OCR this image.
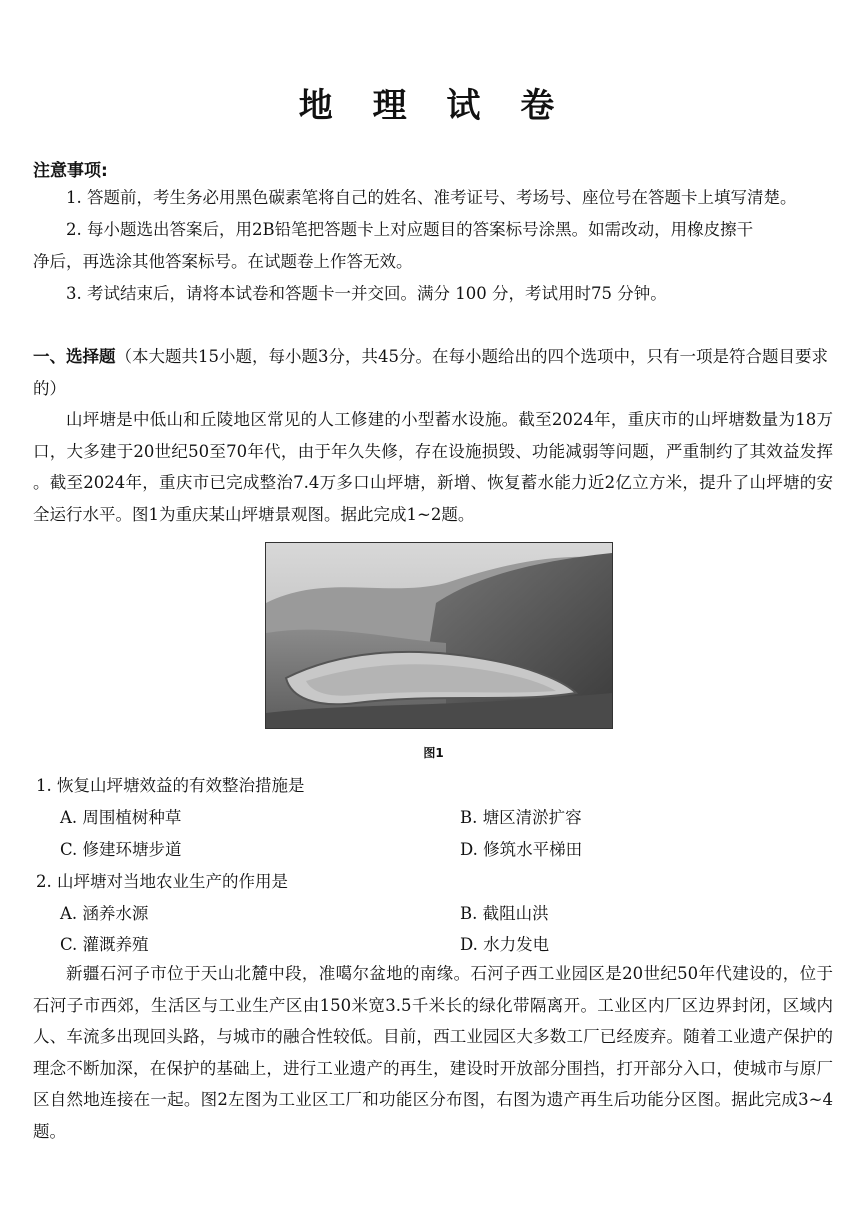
地 理 试 卷
注意事项:
1. 答题前，考生务必用黑色碳素笔将自己的姓名、准考证号、考场号、座位号在答题卡上填写清楚。
2. 每小题选出答案后，用2B铅笔把答题卡上对应题目的答案标号涂黑。如需改动，用橡皮擦干
净后，再选涂其他答案标号。在试题卷上作答无效。
3. 考试结束后，请将本试卷和答题卡一并交回。满分 100 分，考试用时75 分钟。
一、选择题（本大题共15小题，每小题3分，共45分。在每小题给出的四个选项中，只有一项是符合题目要求的）
山坪塘是中低山和丘陵地区常见的人工修建的小型蓄水设施。截至2024年，重庆市的山坪塘数量为18万口，大多建于20世纪50至70年代，由于年久失修，存在设施损毁、功能减弱等问题，严重制约了其效益发挥 。截至2024年，重庆市已完成整治7.4万多口山坪塘，新增、恢复蓄水能力近2亿立方米，提升了山坪塘的安全运行水平。图1为重庆某山坪塘景观图。据此完成1~2题。
图1
1. 恢复山坪塘效益的有效整治措施是
A. 周围植树种草	B. 塘区清淤扩容
C. 修建环塘步道	D. 修筑水平梯田
2. 山坪塘对当地农业生产的作用是
A. 涵养水源	B. 截阻山洪
C. 灌溉养殖	D. 水力发电
新疆石河子市位于天山北麓中段，准噶尔盆地的南缘。石河子西工业园区是20世纪50年代建设的，位于石河子市西郊，生活区与工业生产区由150米宽3.5千米长的绿化带隔离开。工业区内厂区边界封闭，区域内人、车流多出现回头路，与城市的融合性较低。目前，西工业园区大多数工厂已经废弃。随着工业遗产保护的理念不断加深，在保护的基础上，进行工业遗产的再生，建设时开放部分围挡，打开部分入口，使城市与原厂区自然地连接在一起。图2左图为工业区工厂和功能区分布图，右图为遗产再生后功能分区图。据此完成3~4题。
